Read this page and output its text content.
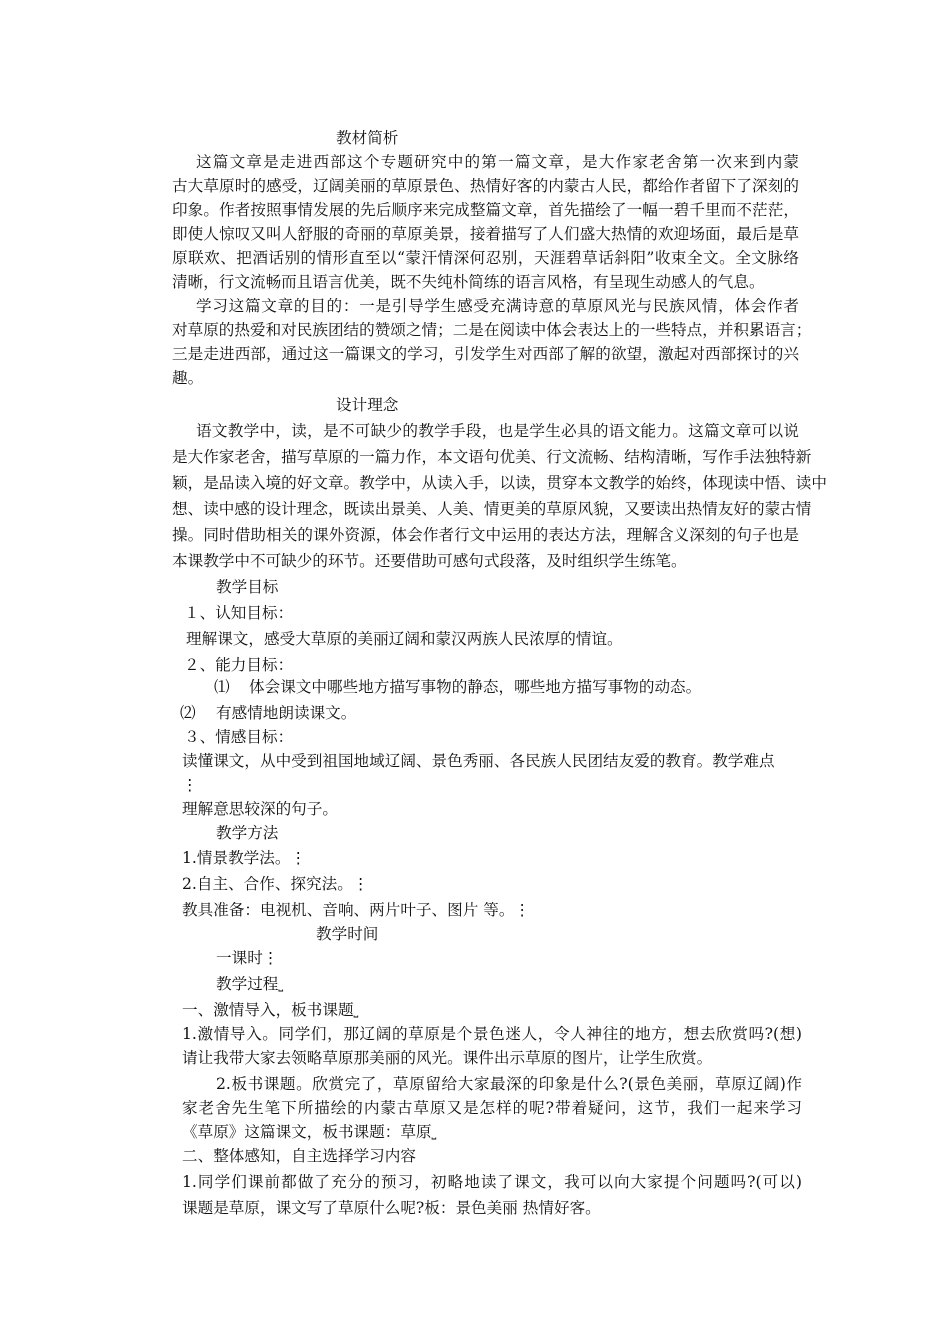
教材简析
这篇文章是走进西部这个专题研究中的第一篇文章，是大作家老舍第一次来到内蒙
古大草原时的感受，辽阔美丽的草原景色、热情好客的内蒙古人民，都给作者留下了深刻的
印象。作者按照事情发展的先后顺序来完成整篇文章，首先描绘了一幅一碧千里而不茫茫，
即使人惊叹又叫人舒服的奇丽的草原美景，接着描写了人们盛大热情的欢迎场面，最后是草
原联欢、把酒话别的情形直至以“蒙汗情深何忍别，天涯碧草话斜阳”收束全文。全文脉络
清晰，行文流畅而且语言优美，既不失纯朴简练的语言风格，有呈现生动感人的气息。
学习这篇文章的目的：一是引导学生感受充满诗意的草原风光与民族风情，体会作者
对草原的热爱和对民族团结的赞颂之情；二是在阅读中体会表达上的一些特点，并积累语言；
三是走进西部，通过这一篇课文的学习，引发学生对西部了解的欲望，激起对西部探讨的兴
趣。
设计理念
语文教学中，读，是不可缺少的教学手段，也是学生必具的语文能力。这篇文章可以说
是大作家老舍，描写草原的一篇力作，本文语句优美、行文流畅、结构清晰，写作手法独特新
颖，是品读入境的好文章。教学中，从读入手，以读，贯穿本文教学的始终，体现读中悟、读中
想、读中感的设计理念，既读出景美、人美、情更美的草原风貌，又要读出热情友好的蒙古情
操。同时借助相关的课外资源，体会作者行文中运用的表达方法，理解含义深刻的句子也是
本课教学中不可缺少的环节。还要借助可感句式段落，及时组织学生练笔。
教学目标
１、认知目标：
理解课文，感受大草原的美丽辽阔和蒙汉两族人民浓厚的情谊。
２、能力目标：
⑴ 体会课文中哪些地方描写事物的静态，哪些地方描写事物的动态。
⑵ 有感情地朗读课文。
３、情感目标：
读懂课文，从中受到祖国地域辽阔、景色秀丽、各民族人民团结友爱的教育。教学难点
⋮
理解意思较深的句子。
教学方法
1.情景教学法。⋮
2.自主、合作、探究法。⋮
教具准备：电视机、音响、两片叶子、图片 等。⋮
教学时间
一课时⋮
教学过程⎵
一、激情导入，板书课题⎵
1.激情导入。同学们，那辽阔的草原是个景色迷人，令人神往的地方，想去欣赏吗?(想)
请让我带大家去领略草原那美丽的风光。课件出示草原的图片，让学生欣赏。
2.板书课题。欣赏完了，草原留给大家最深的印象是什么?(景色美丽，草原辽阔)作
家老舍先生笔下所描绘的内蒙古草原又是怎样的呢?带着疑问，这节，我们一起来学习
《草原》这篇课文，板书课题：草原⎵
二、整体感知，自主选择学习内容
1.同学们课前都做了充分的预习，初略地读了课文，我可以向大家提个问题吗?(可以)
课题是草原，课文写了草原什么呢?板：景色美丽 热情好客。
